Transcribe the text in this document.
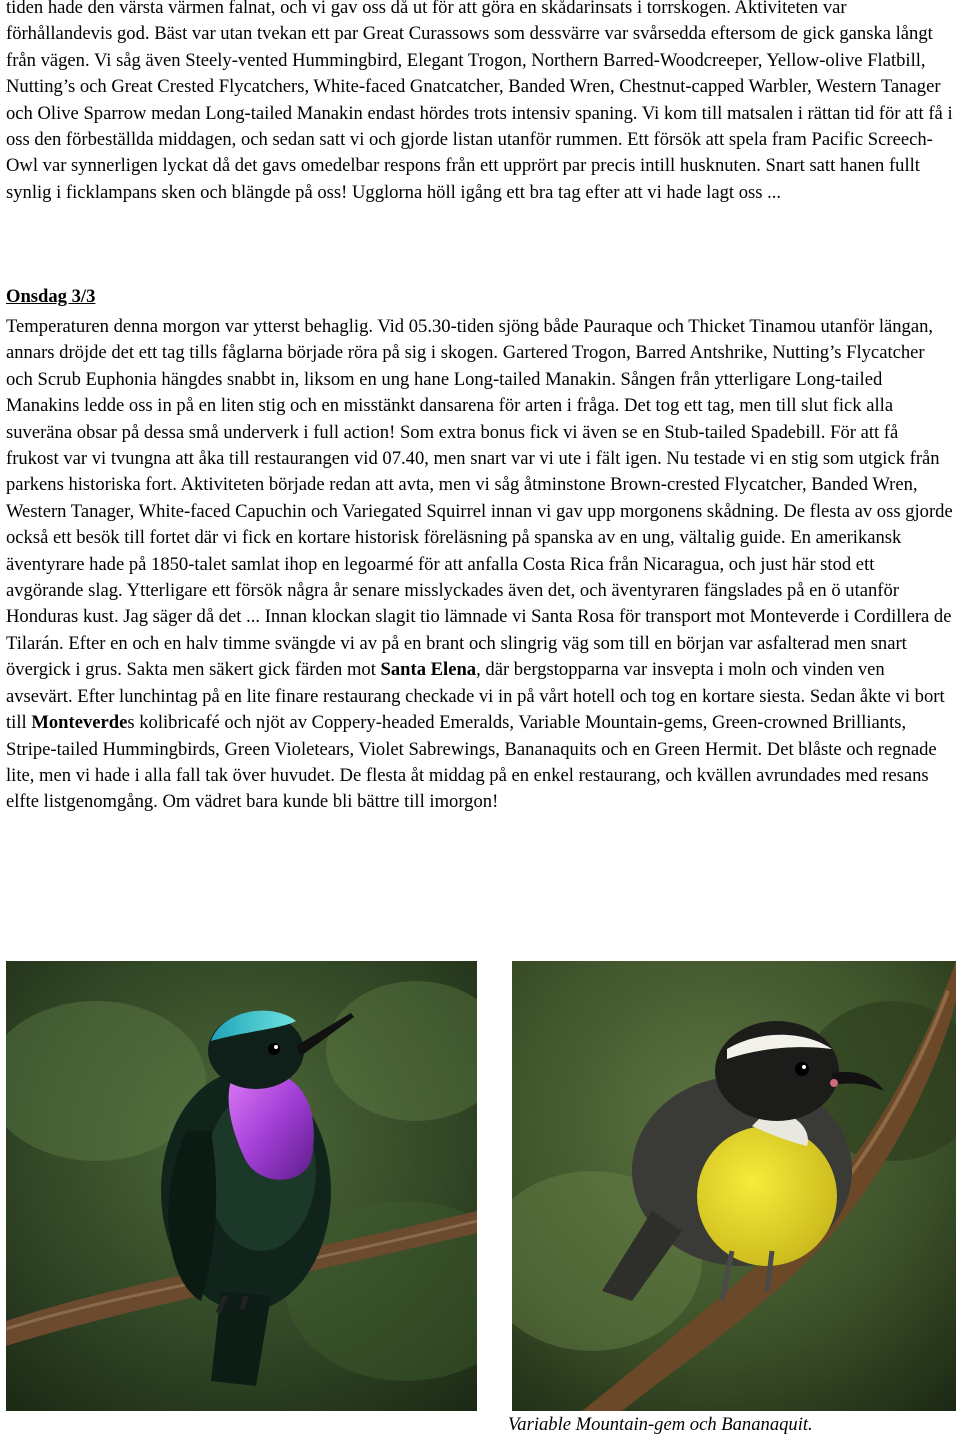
tiden hade den värsta värmen falnat, och vi gav oss då ut för att göra en skådarinsats i torrskogen. Aktiviteten var förhållandevis god. Bäst var utan tvekan ett par Great Curassows som dessvärre var svårsedda eftersom de gick ganska långt från vägen. Vi såg även Steely-vented Hummingbird, Elegant Trogon, Northern Barred-Woodcreeper, Yellow-olive Flatbill, Nutting’s och Great Crested Flycatchers, White-faced Gnatcatcher, Banded Wren, Chestnut-capped Warbler, Western Tanager och Olive Sparrow medan Long-tailed Manakin endast hördes trots intensiv spaning. Vi kom till matsalen i rättan tid för att få i oss den förbeställda middagen, och sedan satt vi och gjorde listan utanför rummen. Ett försök att spela fram Pacific Screech-Owl var synnerligen lyckat då det gavs omedelbar respons från ett upprört par precis intill husknuten. Snart satt hanen fullt synlig i ficklampans sken och blängde på oss! Ugglorna höll igång ett bra tag efter att vi hade lagt oss ...

Onsdag 3/3

Temperaturen denna morgon var ytterst behaglig. Vid 05.30-tiden sjöng både Pauraque och Thicket Tinamou utanför längan, annars dröjde det ett tag tills fåglarna började röra på sig i skogen. Gartered Trogon, Barred Antshrike, Nutting’s Flycatcher och Scrub Euphonia hängdes snabbt in, liksom en ung hane Long-tailed Manakin. Sången från ytterligare Long-tailed Manakins ledde oss in på en liten stig och en misstänkt dansarena för arten i fråga. Det tog ett tag, men till slut fick alla suveräna obsar på dessa små underverk i full action! Som extra bonus fick vi även se en Stub-tailed Spadebill. För att få frukost var vi tvungna att åka till restaurangen vid 07.40, men snart var vi ute i fält igen. Nu testade vi en stig som utgick från parkens historiska fort. Aktiviteten började redan att avta, men vi såg åtminstone Brown-crested Flycatcher, Banded Wren, Western Tanager, White-faced Capuchin och Variegated Squirrel innan vi gav upp morgonens skådning. De flesta av oss gjorde också ett besök till fortet där vi fick en kortare historisk föreläsning på spanska av en ung, vältalig guide. En amerikansk äventyrare hade på 1850-talet samlat ihop en legoarmé för att anfalla Costa Rica från Nicaragua, och just här stod ett avgörande slag. Ytterligare ett försök några år senare misslyckades även det, och äventyraren fängslades på en ö utanför Honduras kust. Jag säger då det ... Innan klockan slagit tio lämnade vi Santa Rosa för transport mot Monteverde i Cordillera de Tilarán. Efter en och en halv timme svängde vi av på en brant och slingrig väg som till en början var asfalterad men snart övergick i grus. Sakta men säkert gick färden mot Santa Elena, där bergstopparna var insvepta i moln och vinden ven avsevärt. Efter lunchintag på en lite finare restaurang checkade vi in på vårt hotell och tog en kortare siesta. Sedan åkte vi bort till Monteverdes kolibricafé och njöt av Coppery-headed Emeralds, Variable Mountain-gems, Green-crowned Brilliants, Stripe-tailed Hummingbirds, Green Violetears, Violet Sabrewings, Bananaquits och en Green Hermit. Det blåste och regnade lite, men vi hade i alla fall tak över huvudet. De flesta åt middag på en enkel restaurang, och kvällen avrundades med resans elfte listgenomgång. Om vädret bara kunde bli bättre till imorgon!

Variable Mountain-gem och Bananaquit.
